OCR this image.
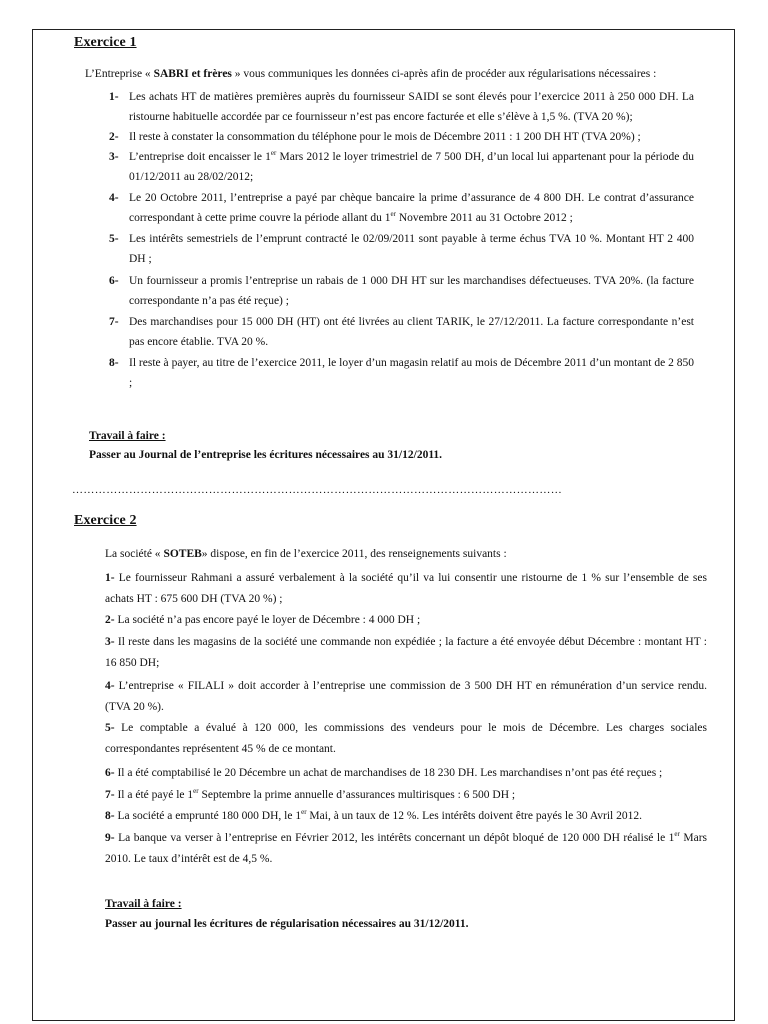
Exercice 1
L’Entreprise « SABRI et frères » vous communiques les données ci-après afin de procéder aux régularisations nécessaires :
1- Les achats HT de matières premières auprès du fournisseur SAIDI se sont élevés pour l’exercice 2011 à 250 000 DH. La ristourne habituelle accordée par ce fournisseur n’est pas encore facturée et elle s’élève à 1,5 %. (TVA 20 %);
2- Il reste à constater la consommation du téléphone pour le mois de Décembre 2011 : 1 200 DH HT (TVA 20%) ;
3- L’entreprise doit encaisser le 1er Mars 2012 le loyer trimestriel de 7 500 DH, d’un local lui appartenant pour la période du 01/12/2011 au 28/02/2012;
4- Le 20 Octobre 2011, l’entreprise a payé par chèque bancaire la prime d’assurance de 4 800 DH. Le contrat d’assurance correspondant à cette prime couvre la période allant du 1er Novembre 2011 au 31 Octobre 2012 ;
5- Les intérêts semestriels de l’emprunt contracté le 02/09/2011 sont payable à terme échus TVA 10 %. Montant HT 2 400 DH ;
6- Un fournisseur a promis l’entreprise un rabais de 1 000 DH HT sur les marchandises défectueuses. TVA 20%. (la facture correspondante n’a pas été reçue) ;
7- Des marchandises pour 15 000 DH (HT) ont été livrées au client TARIK, le 27/12/2011. La facture correspondante n’est pas encore établie. TVA 20 %.
8- Il reste à payer, au titre de l’exercice 2011, le loyer d’un magasin relatif au mois de Décembre 2011 d’un montant de 2 850 ;
Travail à faire :
Passer au Journal de l’entreprise les écritures nécessaires au 31/12/2011.
…………………………………………………………………………………………………………………
Exercice 2
La société « SOTEB» dispose, en fin de l’exercice 2011, des renseignements suivants :
1- Le fournisseur Rahmani a assuré verbalement à la société qu’il va lui consentir une ristourne de 1 % sur l’ensemble de ses achats HT : 675 600 DH (TVA 20 %) ;
2- La société n’a pas encore payé le loyer de Décembre : 4 000 DH ;
3- Il reste dans les magasins de la société une commande non expédiée ; la facture a été envoyée début Décembre : montant HT : 16 850 DH;
4- L’entreprise « FILALI » doit accorder à l’entreprise une commission de 3 500 DH HT en rémunération d’un service rendu. (TVA 20 %).
5- Le comptable a évalué à 120 000, les commissions des vendeurs pour le mois de Décembre. Les charges sociales correspondantes représentent 45 % de ce montant.
6- Il a été comptabilisé le 20 Décembre un achat de marchandises de 18 230 DH. Les marchandises n’ont pas été reçues ;
7- Il a été payé le 1er Septembre la prime annuelle d’assurances multirisques : 6 500 DH ;
8- La société a emprunté 180 000 DH, le 1er Mai, à un taux de 12 %. Les intérêts doivent être payés le 30 Avril 2012.
9- La banque va verser à l’entreprise en Février 2012, les intérêts concernant un dépôt bloqué de 120 000 DH réalisé le 1er Mars 2010. Le taux d’intérêt est de 4,5 %.
Travail à faire :
Passer au journal les écritures de régularisation nécessaires au 31/12/2011.
